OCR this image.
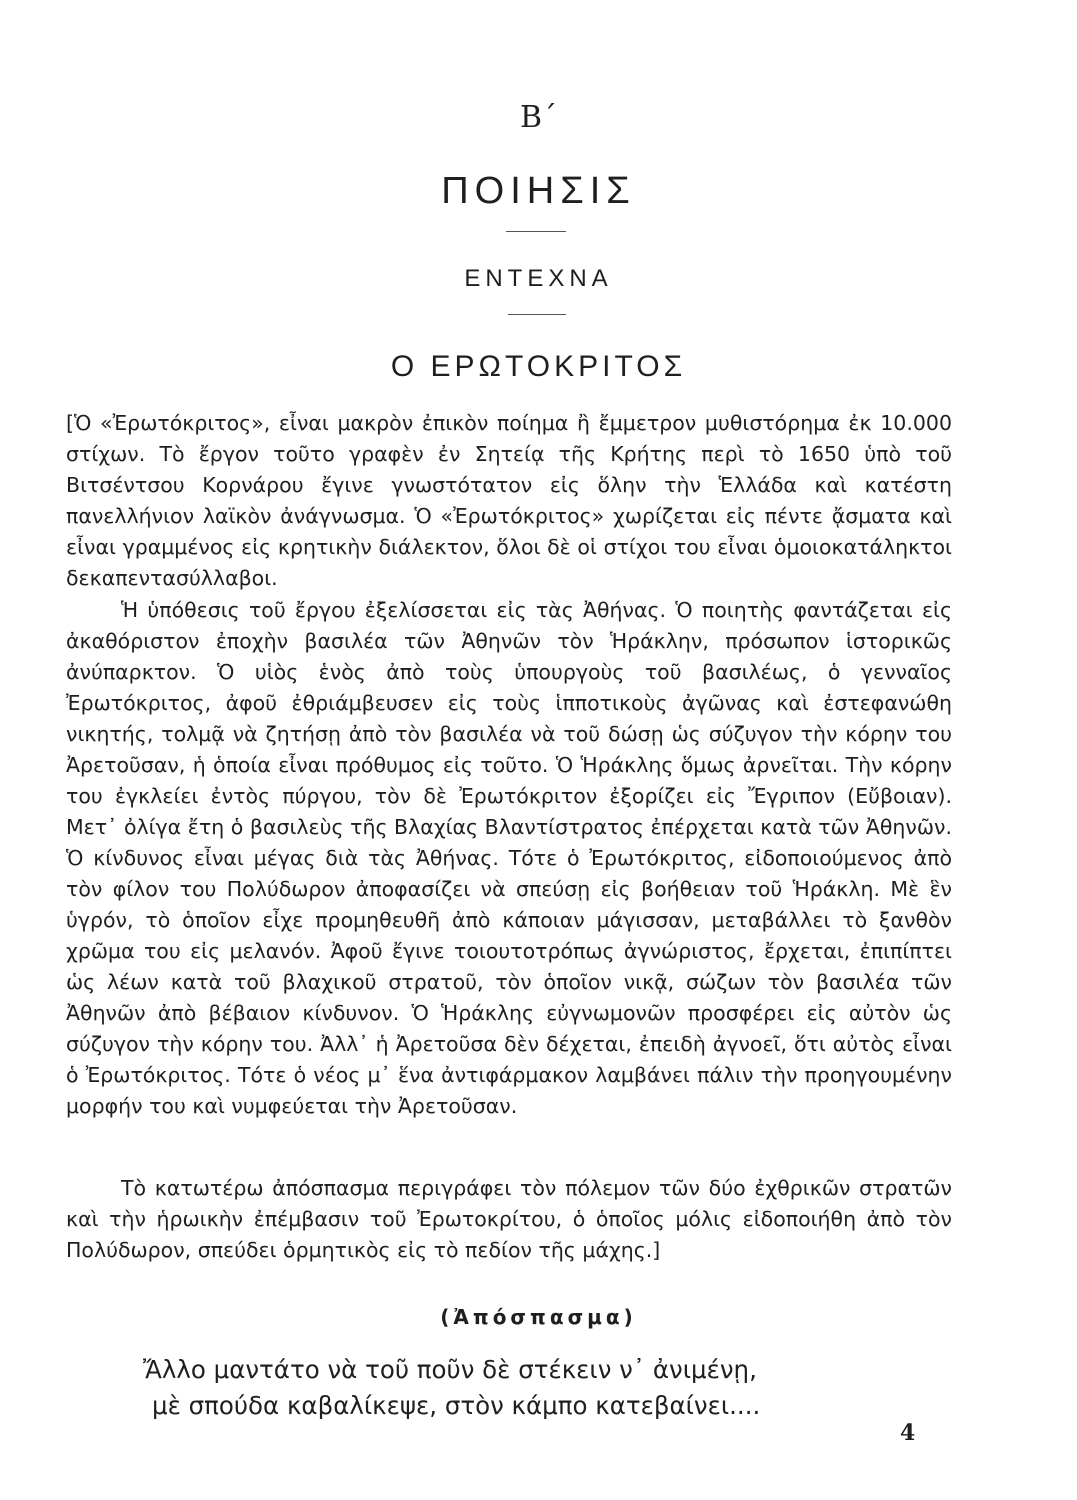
Β΄
ΠΟΙΗΣΙΣ
ΕΝΤΕΧΝΑ
Ο ΕΡΩΤΟΚΡΙΤΟΣ

[Ὁ «Ἐρωτόκριτος», εἶναι μακρὸν ἐπικὸν ποίημα ἢ ἔμμετρον μυθιστόρημα ἐκ 10.000 στίχων. Τὸ ἔργον τοῦτο γραφὲν ἐν Σητείᾳ τῆς Κρήτης περὶ τὸ 1650 ὑπὸ τοῦ Βιτσέντσου Κορνάρου ἔγινε γνωστότατον εἰς ὅλην τὴν Ἑλλάδα καὶ κατέστη πανελλήνιον λαϊκὸν ἀνάγνωσμα. Ὁ «Ἐρωτόκριτος» χωρίζεται εἰς πέντε ᾄσματα καὶ εἶναι γραμμένος εἰς κρητικὴν διάλεκτον, ὅλοι δὲ οἱ στίχοι του εἶναι ὁμοιοκατάληκτοι δεκαπεντασύλλαβοι.

Ἡ ὑπόθεσις τοῦ ἔργου ἐξελίσσεται εἰς τὰς Ἀθήνας. Ὁ ποιητὴς φαντάζεται εἰς ἀκαθόριστον ἐποχὴν βασιλέα τῶν Ἀθηνῶν τὸν Ἡράκλην, πρόσωπον ἱστορικῶς ἀνύπαρκτον. Ὁ υἱὸς ἑνὸς ἀπὸ τοὺς ὑπουργοὺς τοῦ βασιλέως, ὁ γενναῖος Ἐρωτόκριτος, ἀφοῦ ἐθριάμβευσεν εἰς τοὺς ἱπποτικοὺς ἀγῶνας καὶ ἐστεφανώθη νικητής, τολμᾷ νὰ ζητήσῃ ἀπὸ τὸν βασιλέα νὰ τοῦ δώσῃ ὡς σύζυγον τὴν κόρην του Ἀρετοῦσαν, ἡ ὁποία εἶναι πρόθυμος εἰς τοῦτο. Ὁ Ἡράκλης ὅμως ἀρνεῖται. Τὴν κόρην του ἐγκλείει ἐντὸς πύργου, τὸν δὲ Ἐρωτόκριτον ἐξορίζει εἰς Ἔγριπον (Εὔβοιαν). Μετ᾽ ὀλίγα ἔτη ὁ βασιλεὺς τῆς Βλαχίας Βλαντίστρατος ἐπέρχεται κατὰ τῶν Ἀθηνῶν. Ὁ κίνδυνος εἶναι μέγας διὰ τὰς Ἀθήνας. Τότε ὁ Ἐρωτόκριτος, εἰδοποιούμενος ἀπὸ τὸν φίλον του Πολύδωρον ἀποφασίζει νὰ σπεύσῃ εἰς βοήθειαν τοῦ Ἡράκλη. Μὲ ἓν ὑγρόν, τὸ ὁποῖον εἶχε προμηθευθῆ ἀπὸ κάποιαν μάγισσαν, μεταβάλλει τὸ ξανθὸν χρῶμα του εἰς μελανόν. Ἀφοῦ ἔγινε τοιουτοτρόπως ἀγνώριστος, ἔρχεται, ἐπιπίπτει ὡς λέων κατὰ τοῦ βλαχικοῦ στρατοῦ, τὸν ὁποῖον νικᾷ, σώζων τὸν βασιλέα τῶν Ἀθηνῶν ἀπὸ βέβαιον κίνδυνον. Ὁ Ἡράκλης εὐγνωμονῶν προσφέρει εἰς αὐτὸν ὡς σύζυγον τὴν κόρην του. Ἀλλ᾽ ἡ Ἀρετοῦσα δὲν δέχεται, ἐπειδὴ ἀγνοεῖ, ὅτι αὐτὸς εἶναι ὁ Ἐρωτόκριτος. Τότε ὁ νέος μ᾽ ἕνα ἀντιφάρμακον λαμβάνει πάλιν τὴν προηγουμένην μορφήν του καὶ νυμφεύεται τὴν Ἀρετοῦσαν.

Τὸ κατωτέρω ἀπόσπασμα περιγράφει τὸν πόλεμον τῶν δύο ἐχθρικῶν στρατῶν καὶ τὴν ἡρωικὴν ἐπέμβασιν τοῦ Ἐρωτοκρίτου, ὁ ὁποῖος μόλις εἰδοποιήθη ἀπὸ τὸν Πολύδωρον, σπεύδει ὁρμητικὸς εἰς τὸ πεδίον τῆς μάχης.]

(Ἀπόσπασμα)
Ἄλλο μαντάτο νὰ τοῦ ποῦν δὲ στέκειν ν᾽ ἀνιμένῃ,
μὲ σπούδα καβαλίκεψε, στὸν κάμπο κατεβαίνει....
4
